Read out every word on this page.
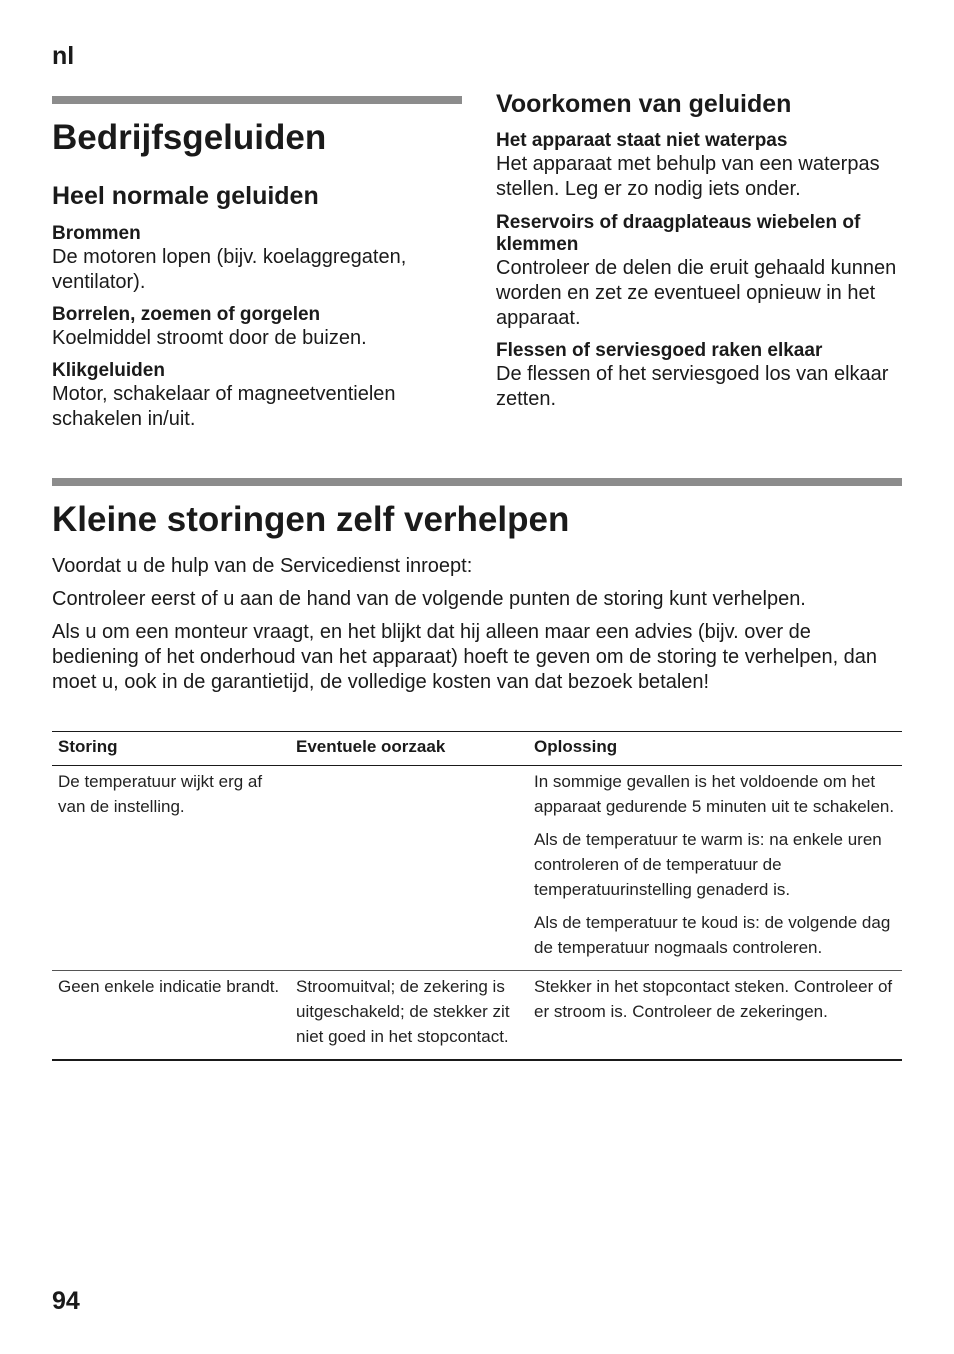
nl
Bedrijfsgeluiden
Heel normale geluiden
Brommen
De motoren lopen (bijv. koelaggregaten, ventilator).
Borrelen, zoemen of gorgelen
Koelmiddel stroomt door de buizen.
Klikgeluiden
Motor, schakelaar of magneetventielen schakelen in/uit.
Voorkomen van geluiden
Het apparaat staat niet waterpas
Het apparaat met behulp van een waterpas stellen. Leg er zo nodig iets onder.
Reservoirs of draagplateaus wiebelen of klemmen
Controleer de delen die eruit gehaald kunnen worden en zet ze eventueel opnieuw in het apparaat.
Flessen of serviesgoed raken elkaar
De flessen of het serviesgoed los van elkaar zetten.
Kleine storingen zelf verhelpen
Voordat u de hulp van de Servicedienst inroept:
Controleer eerst of u aan de hand van de volgende punten de storing kunt verhelpen.
Als u om een monteur vraagt, en het blijkt dat hij alleen maar een advies (bijv. over de bediening of het onderhoud van het apparaat) hoeft te geven om de storing te verhelpen, dan moet u, ook in de garantietijd, de volledige kosten van dat bezoek betalen!
Storing	Eventuele oorzaak	Oplossing
De temperatuur wijkt erg af van de instelling.		In sommige gevallen is het voldoende om het apparaat gedurende 5 minuten uit te schakelen.
Als de temperatuur te warm is: na enkele uren controleren of de temperatuur de temperatuurinstelling genaderd is.
Als de temperatuur te koud is: de volgende dag de temperatuur nogmaals controleren.

Geen enkele indicatie brandt.	Stroomuitval; de zekering is uitgeschakeld; de stekker zit niet goed in het stopcontact.	Stekker in het stopcontact steken. Controleer of er stroom is. Controleer de zekeringen.
94
